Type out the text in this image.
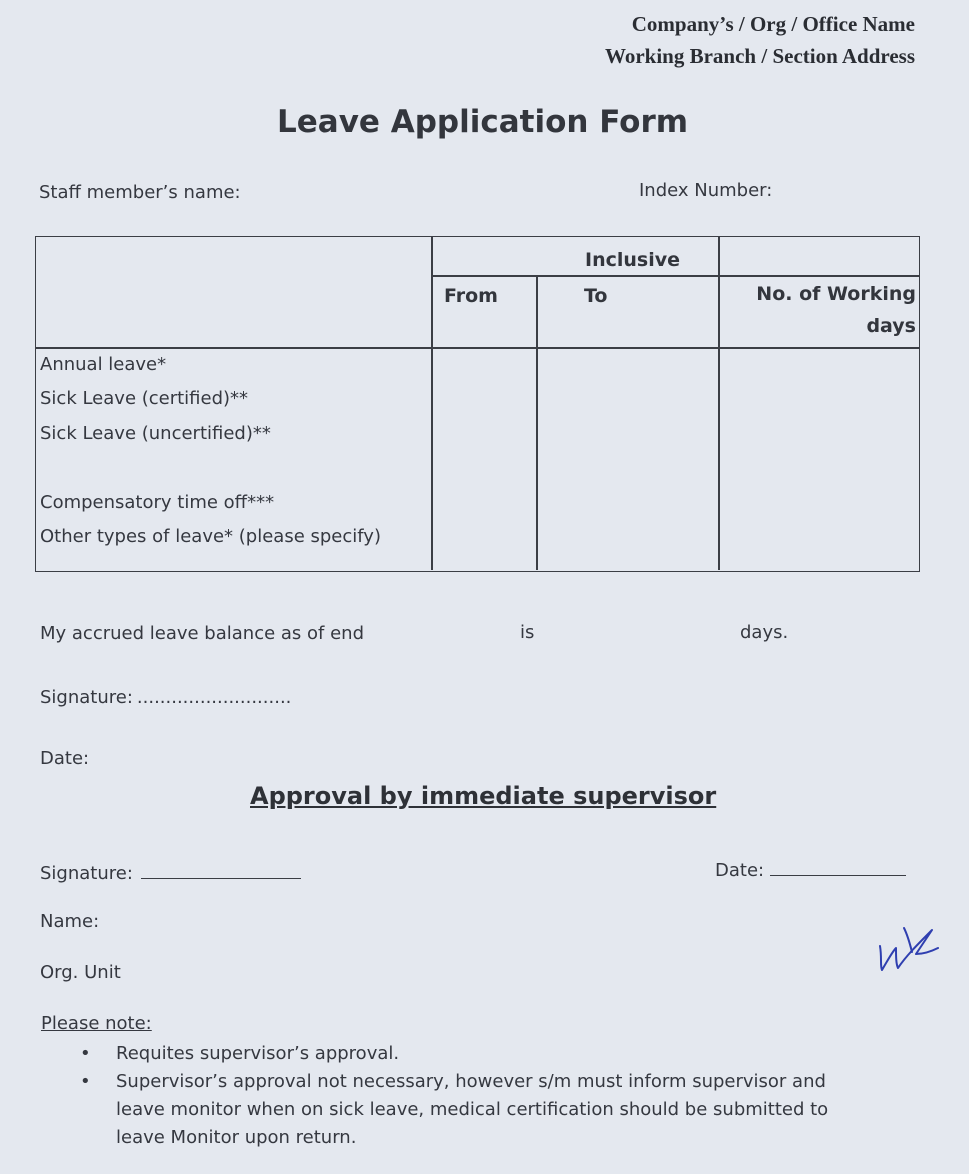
Company’s / Org / Office Name
Working Branch / Section Address
Leave Application Form
Staff member’s name:	Index Number:
Inclusive
From	To	No. of Working
days
Annual leave*
Sick Leave (certified)**
Sick Leave (uncertified)**
Compensatory time off***
Other types of leave* (please specify)
My accrued leave balance as of end	is	days.
Signature: ...........................
Date:
Approval by immediate supervisor
Signature:	Date:
Name:
Org. Unit
Please note:
• Requites supervisor’s approval.
• Supervisor’s approval not necessary, however s/m must inform supervisor and
leave monitor when on sick leave, medical certification should be submitted to
leave Monitor upon return.
